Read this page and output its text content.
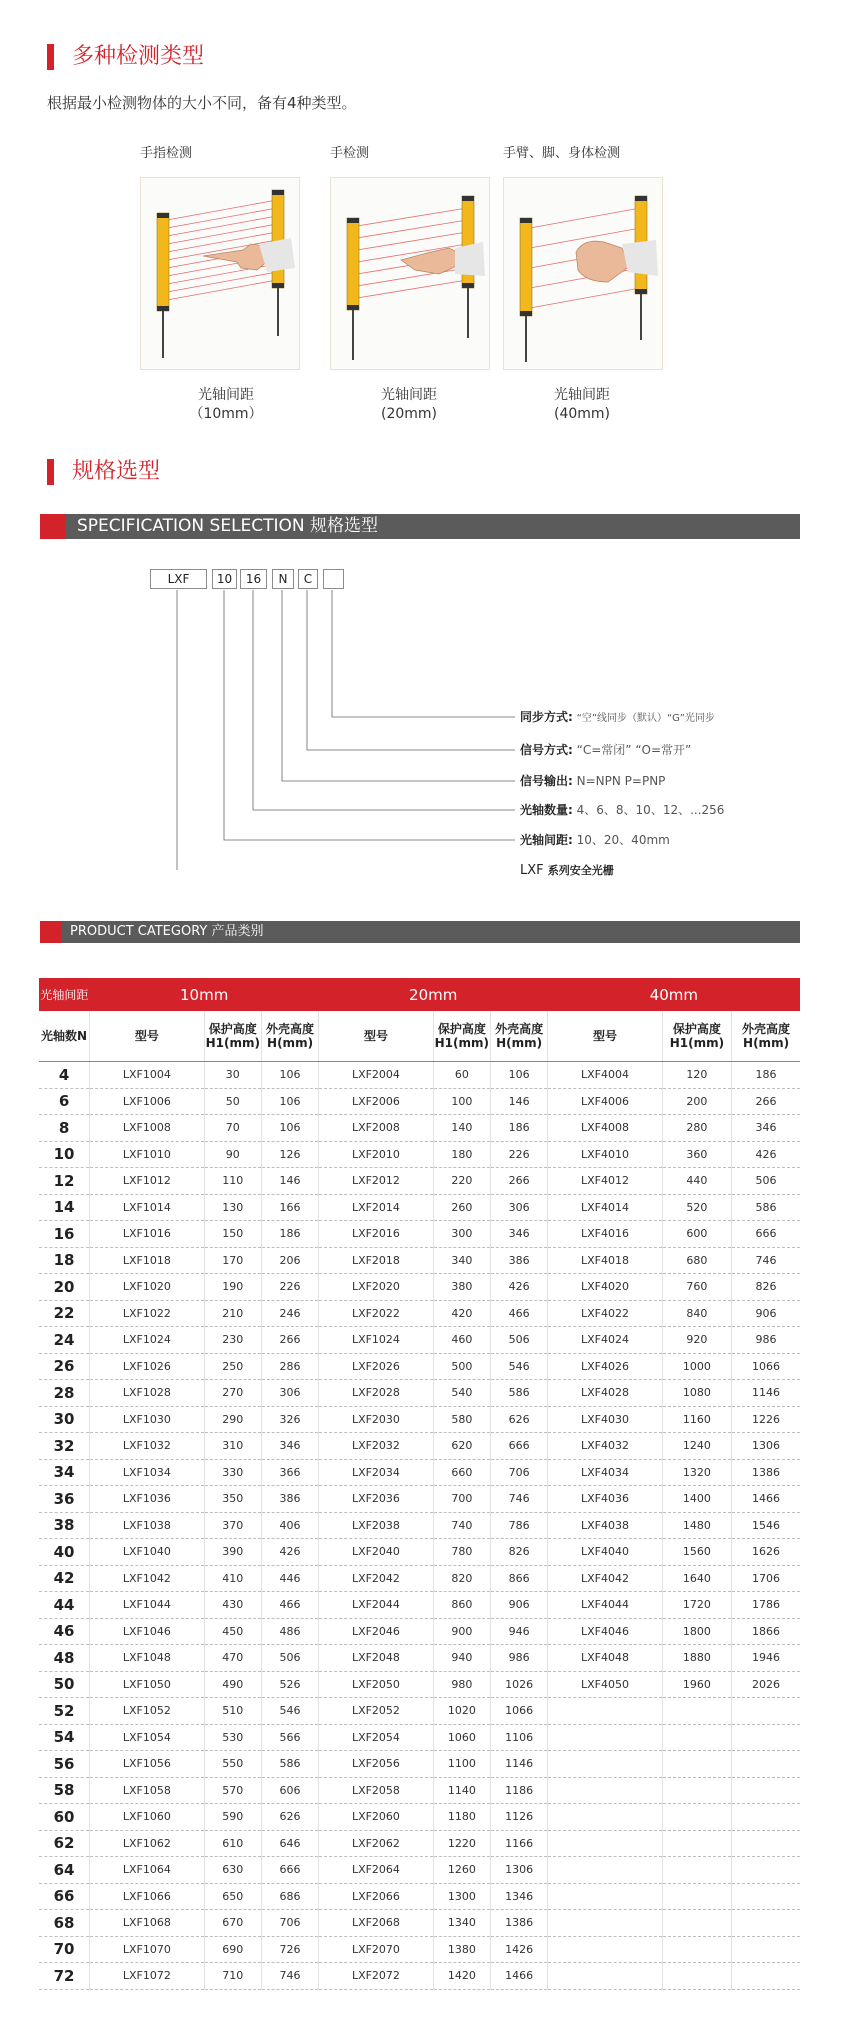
多种检测类型
根据最小检测物体的大小不同，备有4种类型。
手指检测	手检测	手臂、脚、身体检测
光轴间距
（10mm）
光轴间距
(20mm)
光轴间距
(40mm)
规格选型
SPECIFICATION SELECTION 规格选型
LXF	10	16	N	C
同步方式: “空”线同步（默认）“G”光同步
信号方式: “C=常闭” “O=常开”
信号输出: N=NPN P=PNP
光轴数量: 4、6、8、10、12、...256
光轴间距: 10、20、40mm
LXF 系列安全光栅
PRODUCT CATEGORY 产品类别
光轴间距	10mm			20mm			40mm		
光轴数N	型号	保护高度H1(mm)	外壳高度H(mm)	型号	保护高度H1(mm)	外壳高度H(mm)	型号	保护高度H1(mm)	外壳高度H(mm)
4	LXF1004	30	106	LXF2004	60	106	LXF4004	120	186
6	LXF1006	50	106	LXF2006	100	146	LXF4006	200	266
8	LXF1008	70	106	LXF2008	140	186	LXF4008	280	346
10	LXF1010	90	126	LXF2010	180	226	LXF4010	360	426
12	LXF1012	110	146	LXF2012	220	266	LXF4012	440	506
14	LXF1014	130	166	LXF2014	260	306	LXF4014	520	586
16	LXF1016	150	186	LXF2016	300	346	LXF4016	600	666
18	LXF1018	170	206	LXF2018	340	386	LXF4018	680	746
20	LXF1020	190	226	LXF2020	380	426	LXF4020	760	826
22	LXF1022	210	246	LXF2022	420	466	LXF4022	840	906
24	LXF1024	230	266	LXF1024	460	506	LXF4024	920	986
26	LXF1026	250	286	LXF2026	500	546	LXF4026	1000	1066
28	LXF1028	270	306	LXF2028	540	586	LXF4028	1080	1146
30	LXF1030	290	326	LXF2030	580	626	LXF4030	1160	1226
32	LXF1032	310	346	LXF2032	620	666	LXF4032	1240	1306
34	LXF1034	330	366	LXF2034	660	706	LXF4034	1320	1386
36	LXF1036	350	386	LXF2036	700	746	LXF4036	1400	1466
38	LXF1038	370	406	LXF2038	740	786	LXF4038	1480	1546
40	LXF1040	390	426	LXF2040	780	826	LXF4040	1560	1626
42	LXF1042	410	446	LXF2042	820	866	LXF4042	1640	1706
44	LXF1044	430	466	LXF2044	860	906	LXF4044	1720	1786
46	LXF1046	450	486	LXF2046	900	946	LXF4046	1800	1866
48	LXF1048	470	506	LXF2048	940	986	LXF4048	1880	1946
50	LXF1050	490	526	LXF2050	980	1026	LXF4050	1960	2026
52	LXF1052	510	546	LXF2052	1020	1066			
54	LXF1054	530	566	LXF2054	1060	1106			
56	LXF1056	550	586	LXF2056	1100	1146			
58	LXF1058	570	606	LXF2058	1140	1186			
60	LXF1060	590	626	LXF2060	1180	1126			
62	LXF1062	610	646	LXF2062	1220	1166			
64	LXF1064	630	666	LXF2064	1260	1306			
66	LXF1066	650	686	LXF2066	1300	1346			
68	LXF1068	670	706	LXF2068	1340	1386			
70	LXF1070	690	726	LXF2070	1380	1426			
72	LXF1072	710	746	LXF2072	1420	1466			
